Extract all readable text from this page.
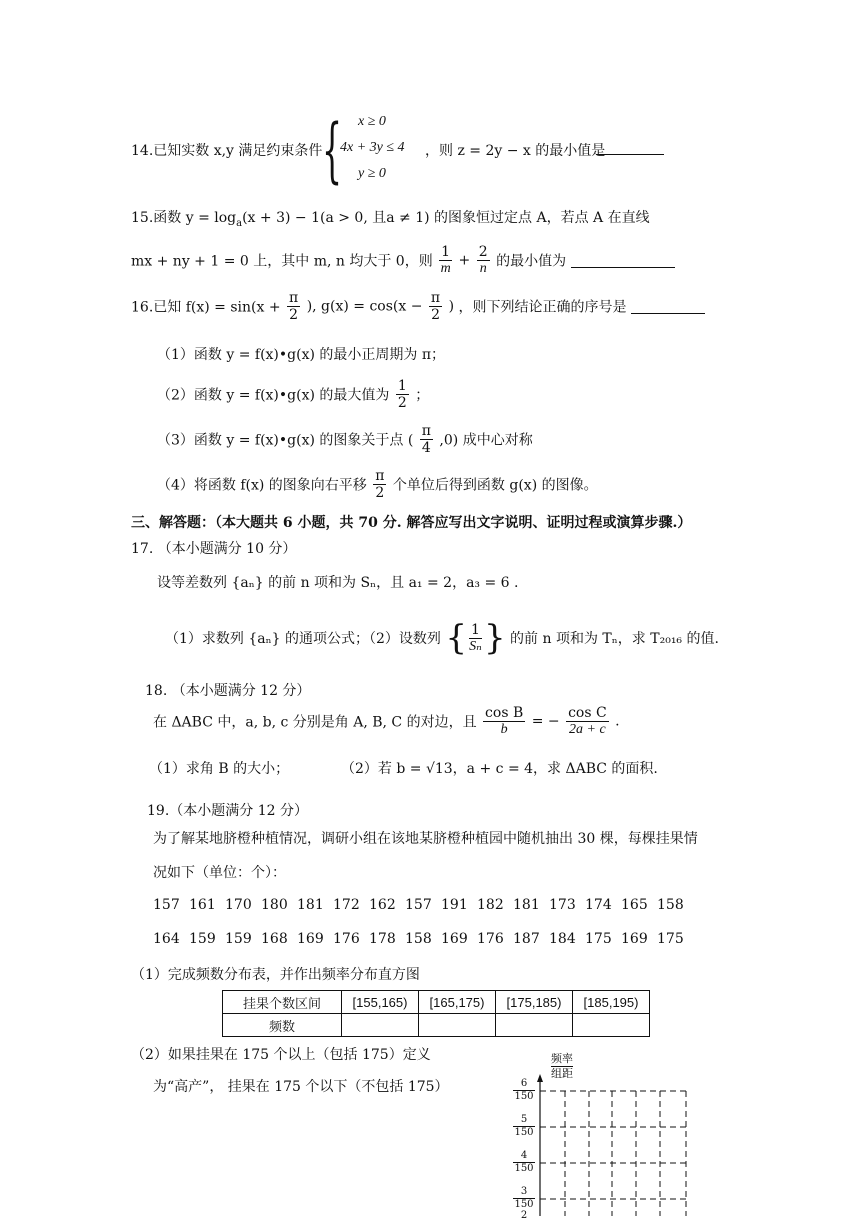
14.已知实数 x,y 满足约束条件 { x ≥ 0
4x + 3y ≤ 4
y ≥ 0
，则 z = 2y − x 的最小值是
15.函数 $y = \log_a(x + 3) - 1(a > 0$, 且a ≠ 1) 的图象恒过定点 A，若点 A 在直线
mx + ny + 1 = 0 上，其中 m, n 均大于 0，则 $\frac{1}{m} + \frac{2}{n}$ 的最小值为
16.已知 $f(x) = \sin(x + \frac{\pi}{2}$ ), $g(x) = \cos(x - \frac{\pi}{2}$ ) ，则下列结论正确的序号是
（1）函数 y = f(x)•g(x) 的最小正周期为 π；
（2）函数 y = f(x)•g(x) 的最大值为 $\frac{1}{2}$ ；
（3）函数 y = f(x)•g(x) 的图象关于点 ( $\frac{\pi}{4} ,0$) 成中心对称
（4）将函数 f(x) 的图象向右平移 $\frac{\pi}{2}$ 个单位后得到函数 g(x) 的图像。
三、解答题：（本大题共 6 小题，共 70 分. 解答应写出文字说明、证明过程或演算步骤.）
17. （本小题满分 10 分）
设等差数列 {aₙ} 的前 n 项和为 Sₙ，且 a₁ = 2，a₃ = 6 .
（1）求数列 {aₙ} 的通项公式；（2）设数列 { $\frac{1}{\text{Sₙ}}$ } 的前 n 项和为 Tₙ，求 T₂₀₁₆ 的值.
18. （本小题满分 12 分）
在 ΔABC 中，a, b, c 分别是角 A, B, C 的对边，且 $\frac{\text{cos B}}{b}$ = − $\frac{\text{cos C}}{2a + c}$ .
（1）求角 B 的大小；	（2）若 b = √13，a + c = 4，求 ΔABC 的面积.
19.（本小题满分 12 分）
为了解某地脐橙种植情况，调研小组在该地某脐橙种植园中随机抽出 30 棵，每棵挂果情
况如下（单位：个）：
157 161 170 180 181 172 162 157 191 182 181 173 174 165 158
164 159 159 168 169 176 178 158 169 176 187 184 175 169 175
（1）完成频数分布表，并作出频率分布直方图
挂果个数区间	[155,165)	[165,175)	[175,185)	[185,195)
频数				
（2）如果挂果在 175 个以上（包括 175）定义
为“高产”， 挂果在 175 个以下（不包括 175）
频率
组距
6
150
5
150
4
150
3
150
2
